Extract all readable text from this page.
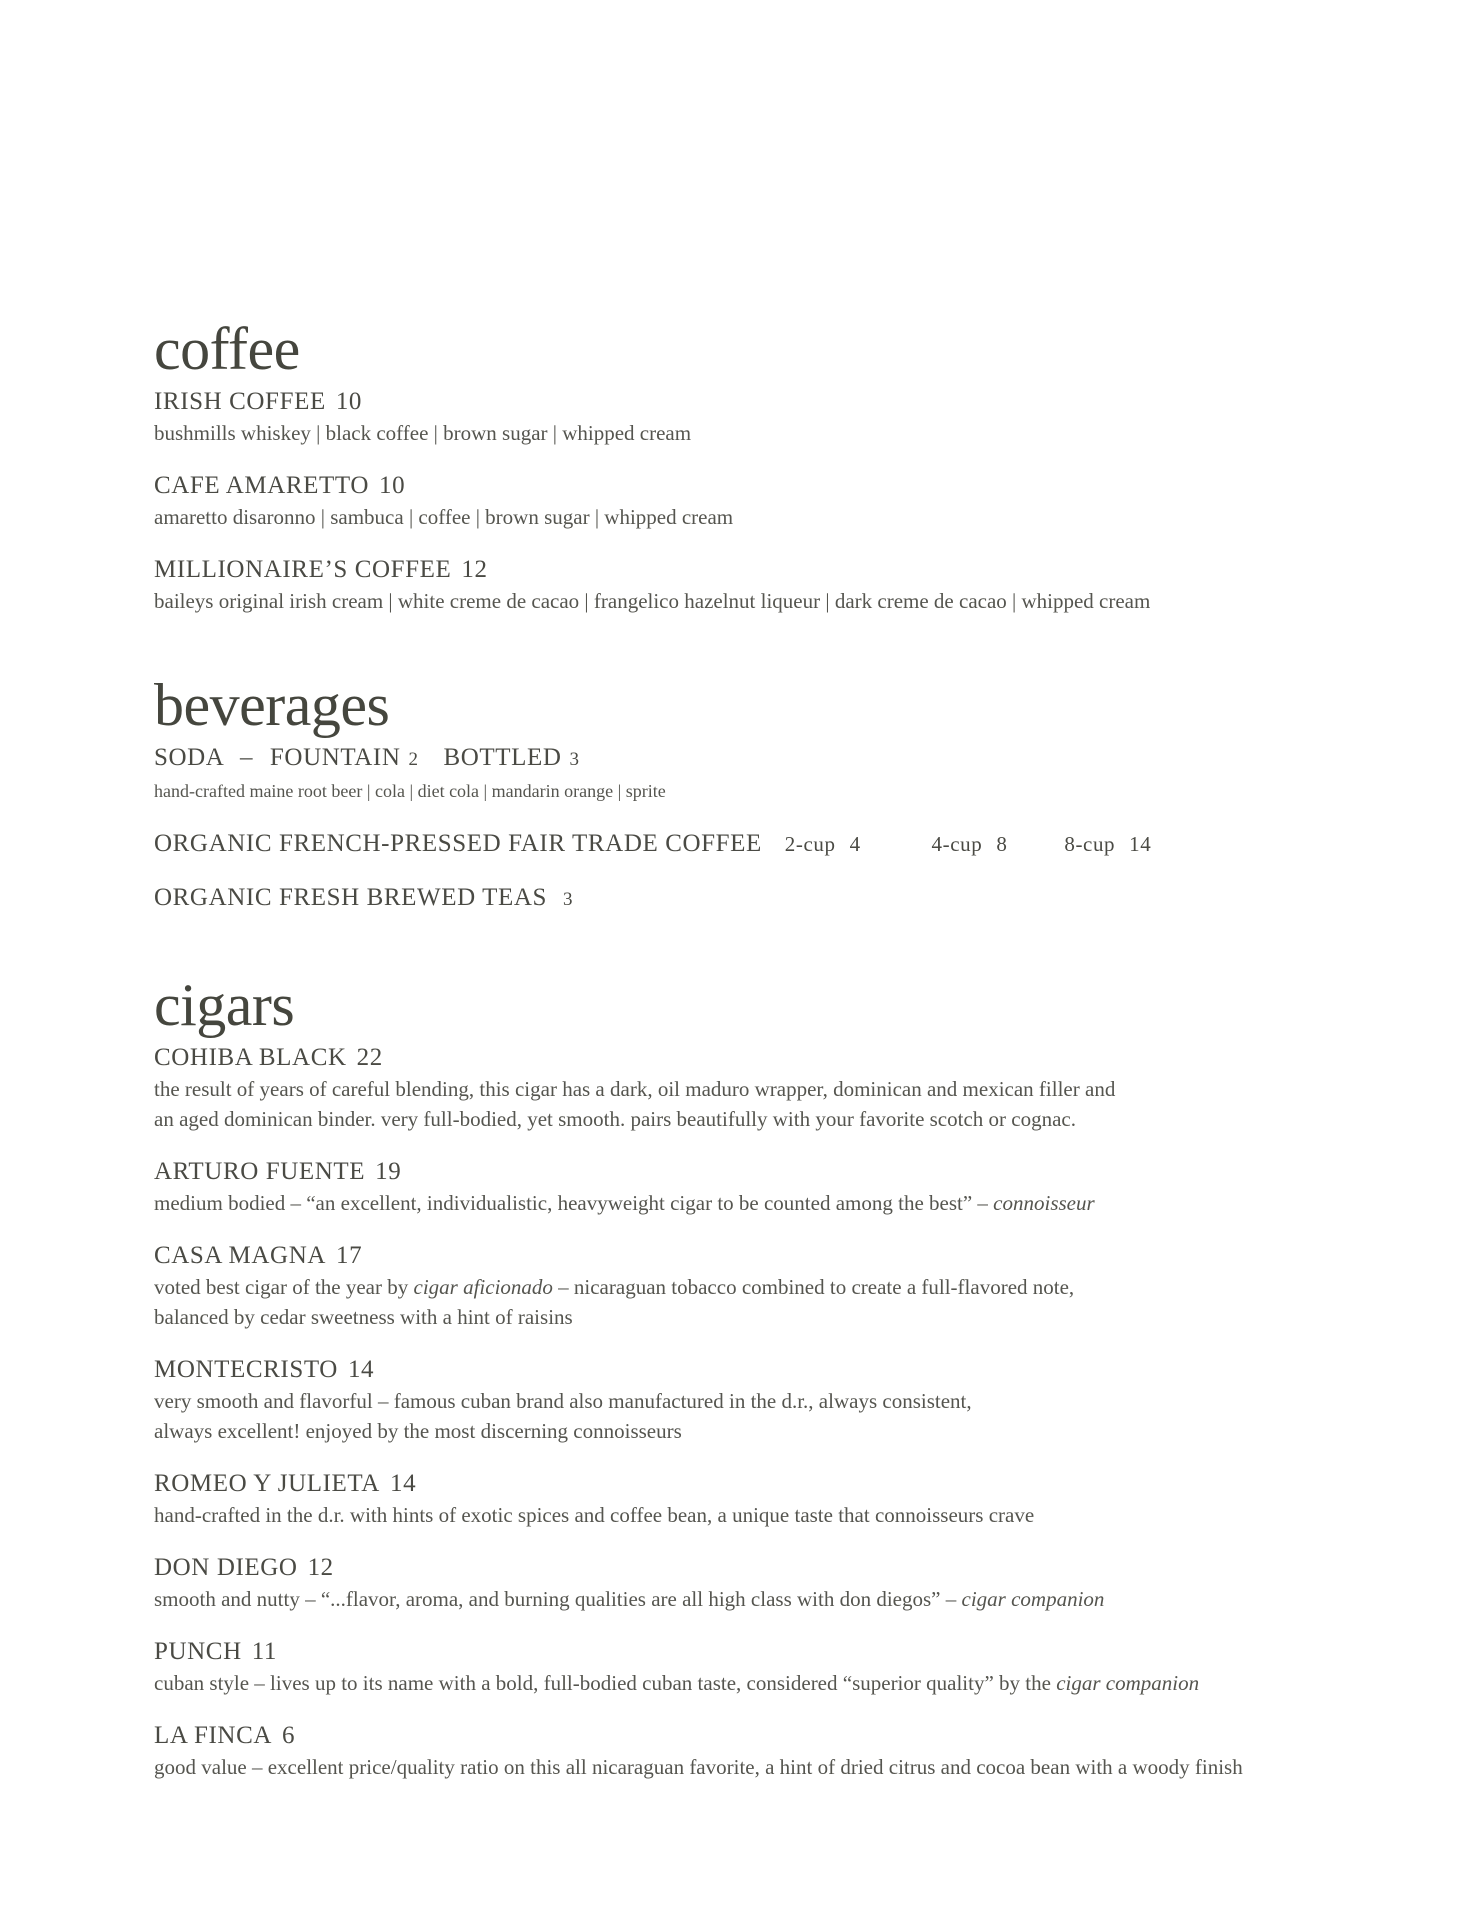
coffee
IRISH COFFEE 10
bushmills whiskey | black coffee | brown sugar | whipped cream
CAFE AMARETTO 10
amaretto disaronno | sambuca | coffee | brown sugar | whipped cream
MILLIONAIRE’S COFFEE 12
baileys original irish cream | white creme de cacao | frangelico hazelnut liqueur | dark creme de cacao | whipped cream
beverages
SODA – FOUNTAIN 2 BOTTLED 3
hand-crafted maine root beer | cola | diet cola | mandarin orange | sprite
ORGANIC FRENCH-PRESSED FAIR TRADE COFFEE 2-cup 4	4-cup 8	8-cup 14
ORGANIC FRESH BREWED TEAS 3
cigars
COHIBA BLACK 22
the result of years of careful blending, this cigar has a dark, oil maduro wrapper, dominican and mexican filler and
an aged dominican binder. very full-bodied, yet smooth. pairs beautifully with your favorite scotch or cognac.
ARTURO FUENTE 19
medium bodied – “an excellent, individualistic, heavyweight cigar to be counted among the best” – connoisseur
CASA MAGNA 17
voted best cigar of the year by cigar aficionado – nicaraguan tobacco combined to create a full-flavored note,
balanced by cedar sweetness with a hint of raisins
MONTECRISTO 14
very smooth and flavorful – famous cuban brand also manufactured in the d.r., always consistent,
always excellent! enjoyed by the most discerning connoisseurs
ROMEO Y JULIETA 14
hand-crafted in the d.r. with hints of exotic spices and coffee bean, a unique taste that connoisseurs crave
DON DIEGO 12
smooth and nutty – “...flavor, aroma, and burning qualities are all high class with don diegos” – cigar companion
PUNCH 11
cuban style – lives up to its name with a bold, full-bodied cuban taste, considered “superior quality” by the cigar companion
LA FINCA 6
good value – excellent price/quality ratio on this all nicaraguan favorite, a hint of dried citrus and cocoa bean with a woody finish
